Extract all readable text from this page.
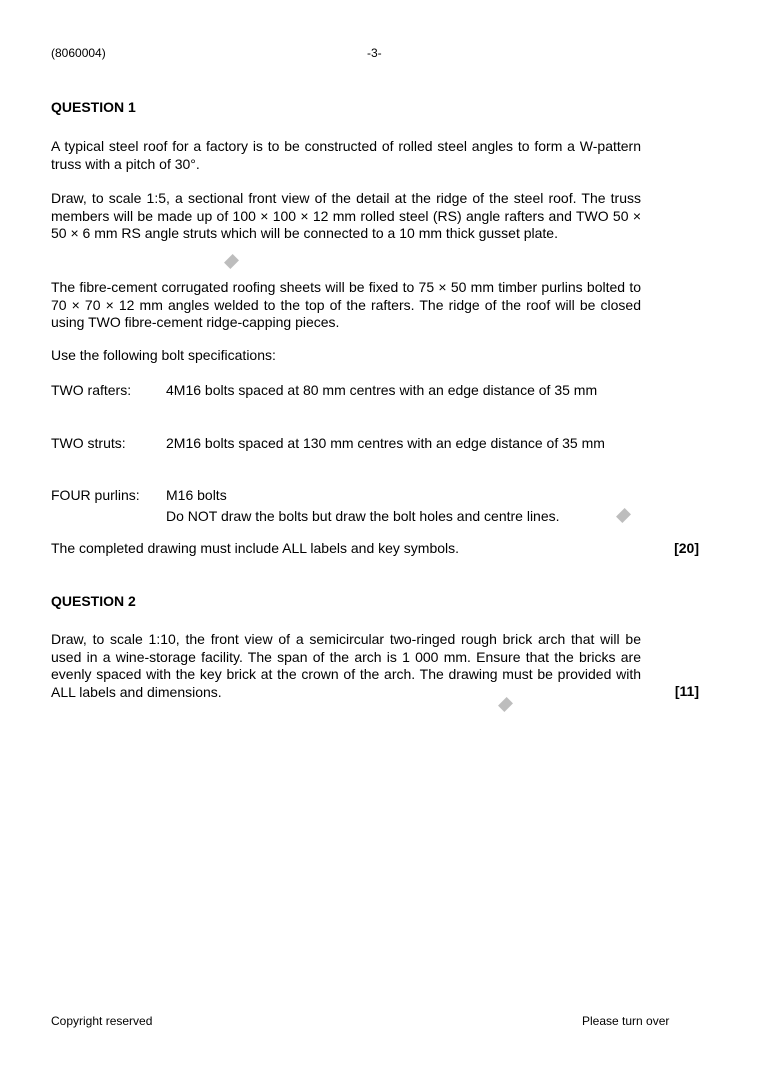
(8060004)	-3-
QUESTION 1
A typical steel roof for a factory is to be constructed of rolled steel angles to form a W-pattern truss with a pitch of 30°.
Draw, to scale 1:5, a sectional front view of the detail at the ridge of the steel roof. The truss members will be made up of 100 × 100 × 12 mm rolled steel (RS) angle rafters and TWO 50 × 50 × 6 mm RS angle struts which will be connected to a 10 mm thick gusset plate.
The fibre-cement corrugated roofing sheets will be fixed to 75 × 50 mm timber purlins bolted to 70 × 70 × 12 mm angles welded to the top of the rafters. The ridge of the roof will be closed using TWO fibre-cement ridge-capping pieces.
Use the following bolt specifications:
TWO rafters: 4M16 bolts spaced at 80 mm centres with an edge distance of 35 mm
TWO struts:	2M16 bolts spaced at 130 mm centres with an edge distance of 35 mm
FOUR purlins: M16 bolts
Do NOT draw the bolts but draw the bolt holes and centre lines.
The completed drawing must include ALL labels and key symbols.	[20]
QUESTION 2
Draw, to scale 1:10, the front view of a semicircular two-ringed rough brick arch that will be used in a wine-storage facility. The span of the arch is 1 000 mm. Ensure that the bricks are evenly spaced with the key brick at the crown of the arch. The drawing must be provided with ALL labels and dimensions.	[11]
Copyright reserved	Please turn over
